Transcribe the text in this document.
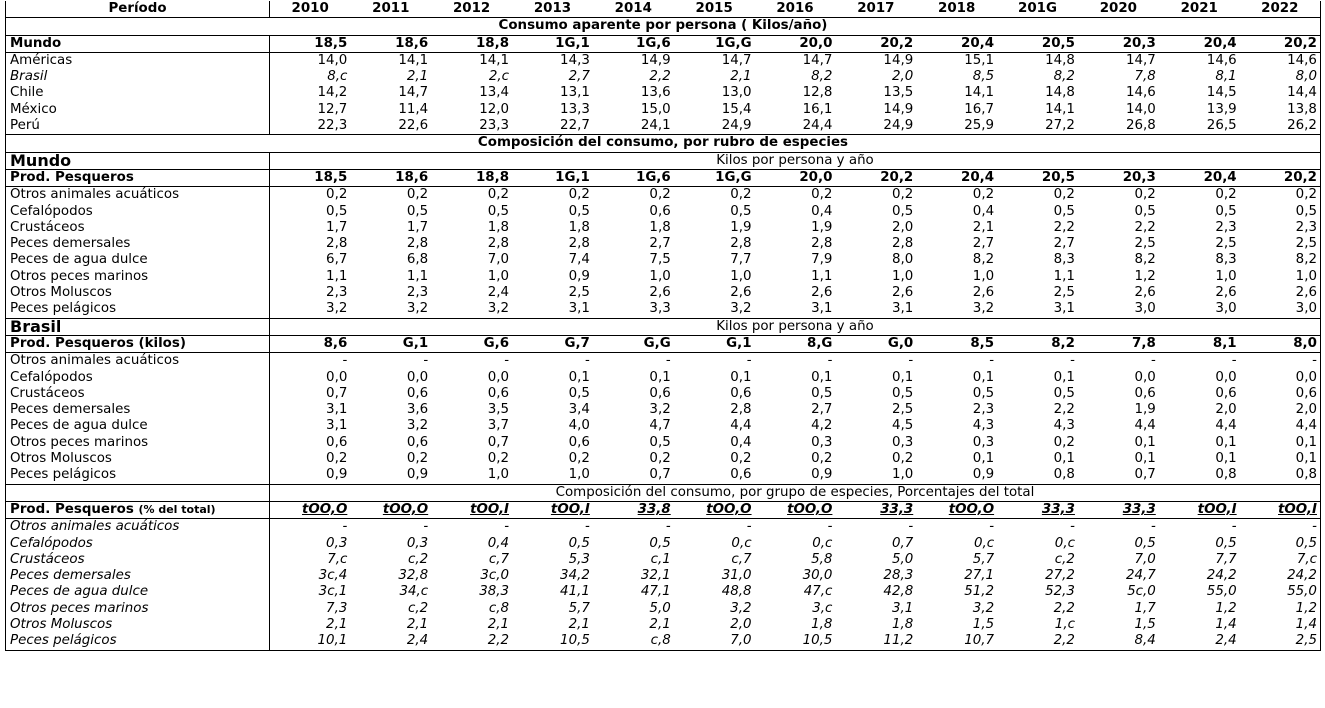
Período	2010	2011	2012	2013	2014	2015	2016	2017	2018	201G	2020	2021	2022
Consumo aparente por persona ( Kilos/año)													
Mundo	18,5	18,6	18,8	1G,1	1G,6	1G,G	20,0	20,2	20,4	20,5	20,3	20,4	20,2
Américas	14,0	14,1	14,1	14,3	14,9	14,7	14,7	14,9	15,1	14,8	14,7	14,6	14,6
Brasil	8,c	2,1	2,c	2,7	2,2	2,1	8,2	2,0	8,5	8,2	7,8	8,1	8,0
Chile	14,2	14,7	13,4	13,1	13,6	13,0	12,8	13,5	14,1	14,8	14,6	14,5	14,4
México	12,7	11,4	12,0	13,3	15,0	15,4	16,1	14,9	16,7	14,1	14,0	13,9	13,8
Perú	22,3	22,6	23,3	22,7	24,1	24,9	24,4	24,9	25,9	27,2	26,8	26,5	26,2
Composición del consumo, por rubro de especies													
Mundo	Kilos por persona y año												
Prod. Pesqueros	18,5	18,6	18,8	1G,1	1G,6	1G,G	20,0	20,2	20,4	20,5	20,3	20,4	20,2
Otros animales acuáticos	0,2	0,2	0,2	0,2	0,2	0,2	0,2	0,2	0,2	0,2	0,2	0,2	0,2
Cefalópodos	0,5	0,5	0,5	0,5	0,6	0,5	0,4	0,5	0,4	0,5	0,5	0,5	0,5
Crustáceos	1,7	1,7	1,8	1,8	1,8	1,9	1,9	2,0	2,1	2,2	2,2	2,3	2,3
Peces demersales	2,8	2,8	2,8	2,8	2,7	2,8	2,8	2,8	2,7	2,7	2,5	2,5	2,5
Peces de agua dulce	6,7	6,8	7,0	7,4	7,5	7,7	7,9	8,0	8,2	8,3	8,2	8,3	8,2
Otros peces marinos	1,1	1,1	1,0	0,9	1,0	1,0	1,1	1,0	1,0	1,1	1,2	1,0	1,0
Otros Moluscos	2,3	2,3	2,4	2,5	2,6	2,6	2,6	2,6	2,6	2,5	2,6	2,6	2,6
Peces pelágicos	3,2	3,2	3,2	3,1	3,3	3,2	3,1	3,1	3,2	3,1	3,0	3,0	3,0
Brasil	Kilos por persona y año												
Prod. Pesqueros (kilos)	8,6	G,1	G,6	G,7	G,G	G,1	8,G	G,0	8,5	8,2	7,8	8,1	8,0
Otros animales acuáticos	-	-	-	-	-	-	-	-	-	-	-	-	-
Cefalópodos	0,0	0,0	0,0	0,1	0,1	0,1	0,1	0,1	0,1	0,1	0,0	0,0	0,0
Crustáceos	0,7	0,6	0,6	0,5	0,6	0,6	0,5	0,5	0,5	0,5	0,6	0,6	0,6
Peces demersales	3,1	3,6	3,5	3,4	3,2	2,8	2,7	2,5	2,3	2,2	1,9	2,0	2,0
Peces de agua dulce	3,1	3,2	3,7	4,0	4,7	4,4	4,2	4,5	4,3	4,3	4,4	4,4	4,4
Otros peces marinos	0,6	0,6	0,7	0,6	0,5	0,4	0,3	0,3	0,3	0,2	0,1	0,1	0,1
Otros Moluscos	0,2	0,2	0,2	0,2	0,2	0,2	0,2	0,2	0,1	0,1	0,1	0,1	0,1
Peces pelágicos	0,9	0,9	1,0	1,0	0,7	0,6	0,9	1,0	0,9	0,8	0,7	0,8	0,8
	Composición del consumo, por grupo de especies, Porcentajes del total												
Prod. Pesqueros (% del total)	tOO,O	tOO,O	tOO,I	tOO,I	33,8	tOO,O	tOO,O	33,3	tOO,O	33,3	33,3	tOO,I	tOO,I
Otros animales acuáticos	-	-	-	-	-	-	-	-	-	-	-	-	-
Cefalópodos	0,3	0,3	0,4	0,5	0,5	0,c	0,c	0,7	0,c	0,c	0,5	0,5	0,5
Crustáceos	7,c	c,2	c,7	5,3	c,1	c,7	5,8	5,0	5,7	c,2	7,0	7,7	7,c
Peces demersales	3c,4	32,8	3c,0	34,2	32,1	31,0	30,0	28,3	27,1	27,2	24,7	24,2	24,2
Peces de agua dulce	3c,1	34,c	38,3	41,1	47,1	48,8	47,c	42,8	51,2	52,3	5c,0	55,0	55,0
Otros peces marinos	7,3	c,2	c,8	5,7	5,0	3,2	3,c	3,1	3,2	2,2	1,7	1,2	1,2
Otros Moluscos	2,1	2,1	2,1	2,1	2,1	2,0	1,8	1,8	1,5	1,c	1,5	1,4	1,4
Peces pelágicos	10,1	2,4	2,2	10,5	c,8	7,0	10,5	11,2	10,7	2,2	8,4	2,4	2,5
